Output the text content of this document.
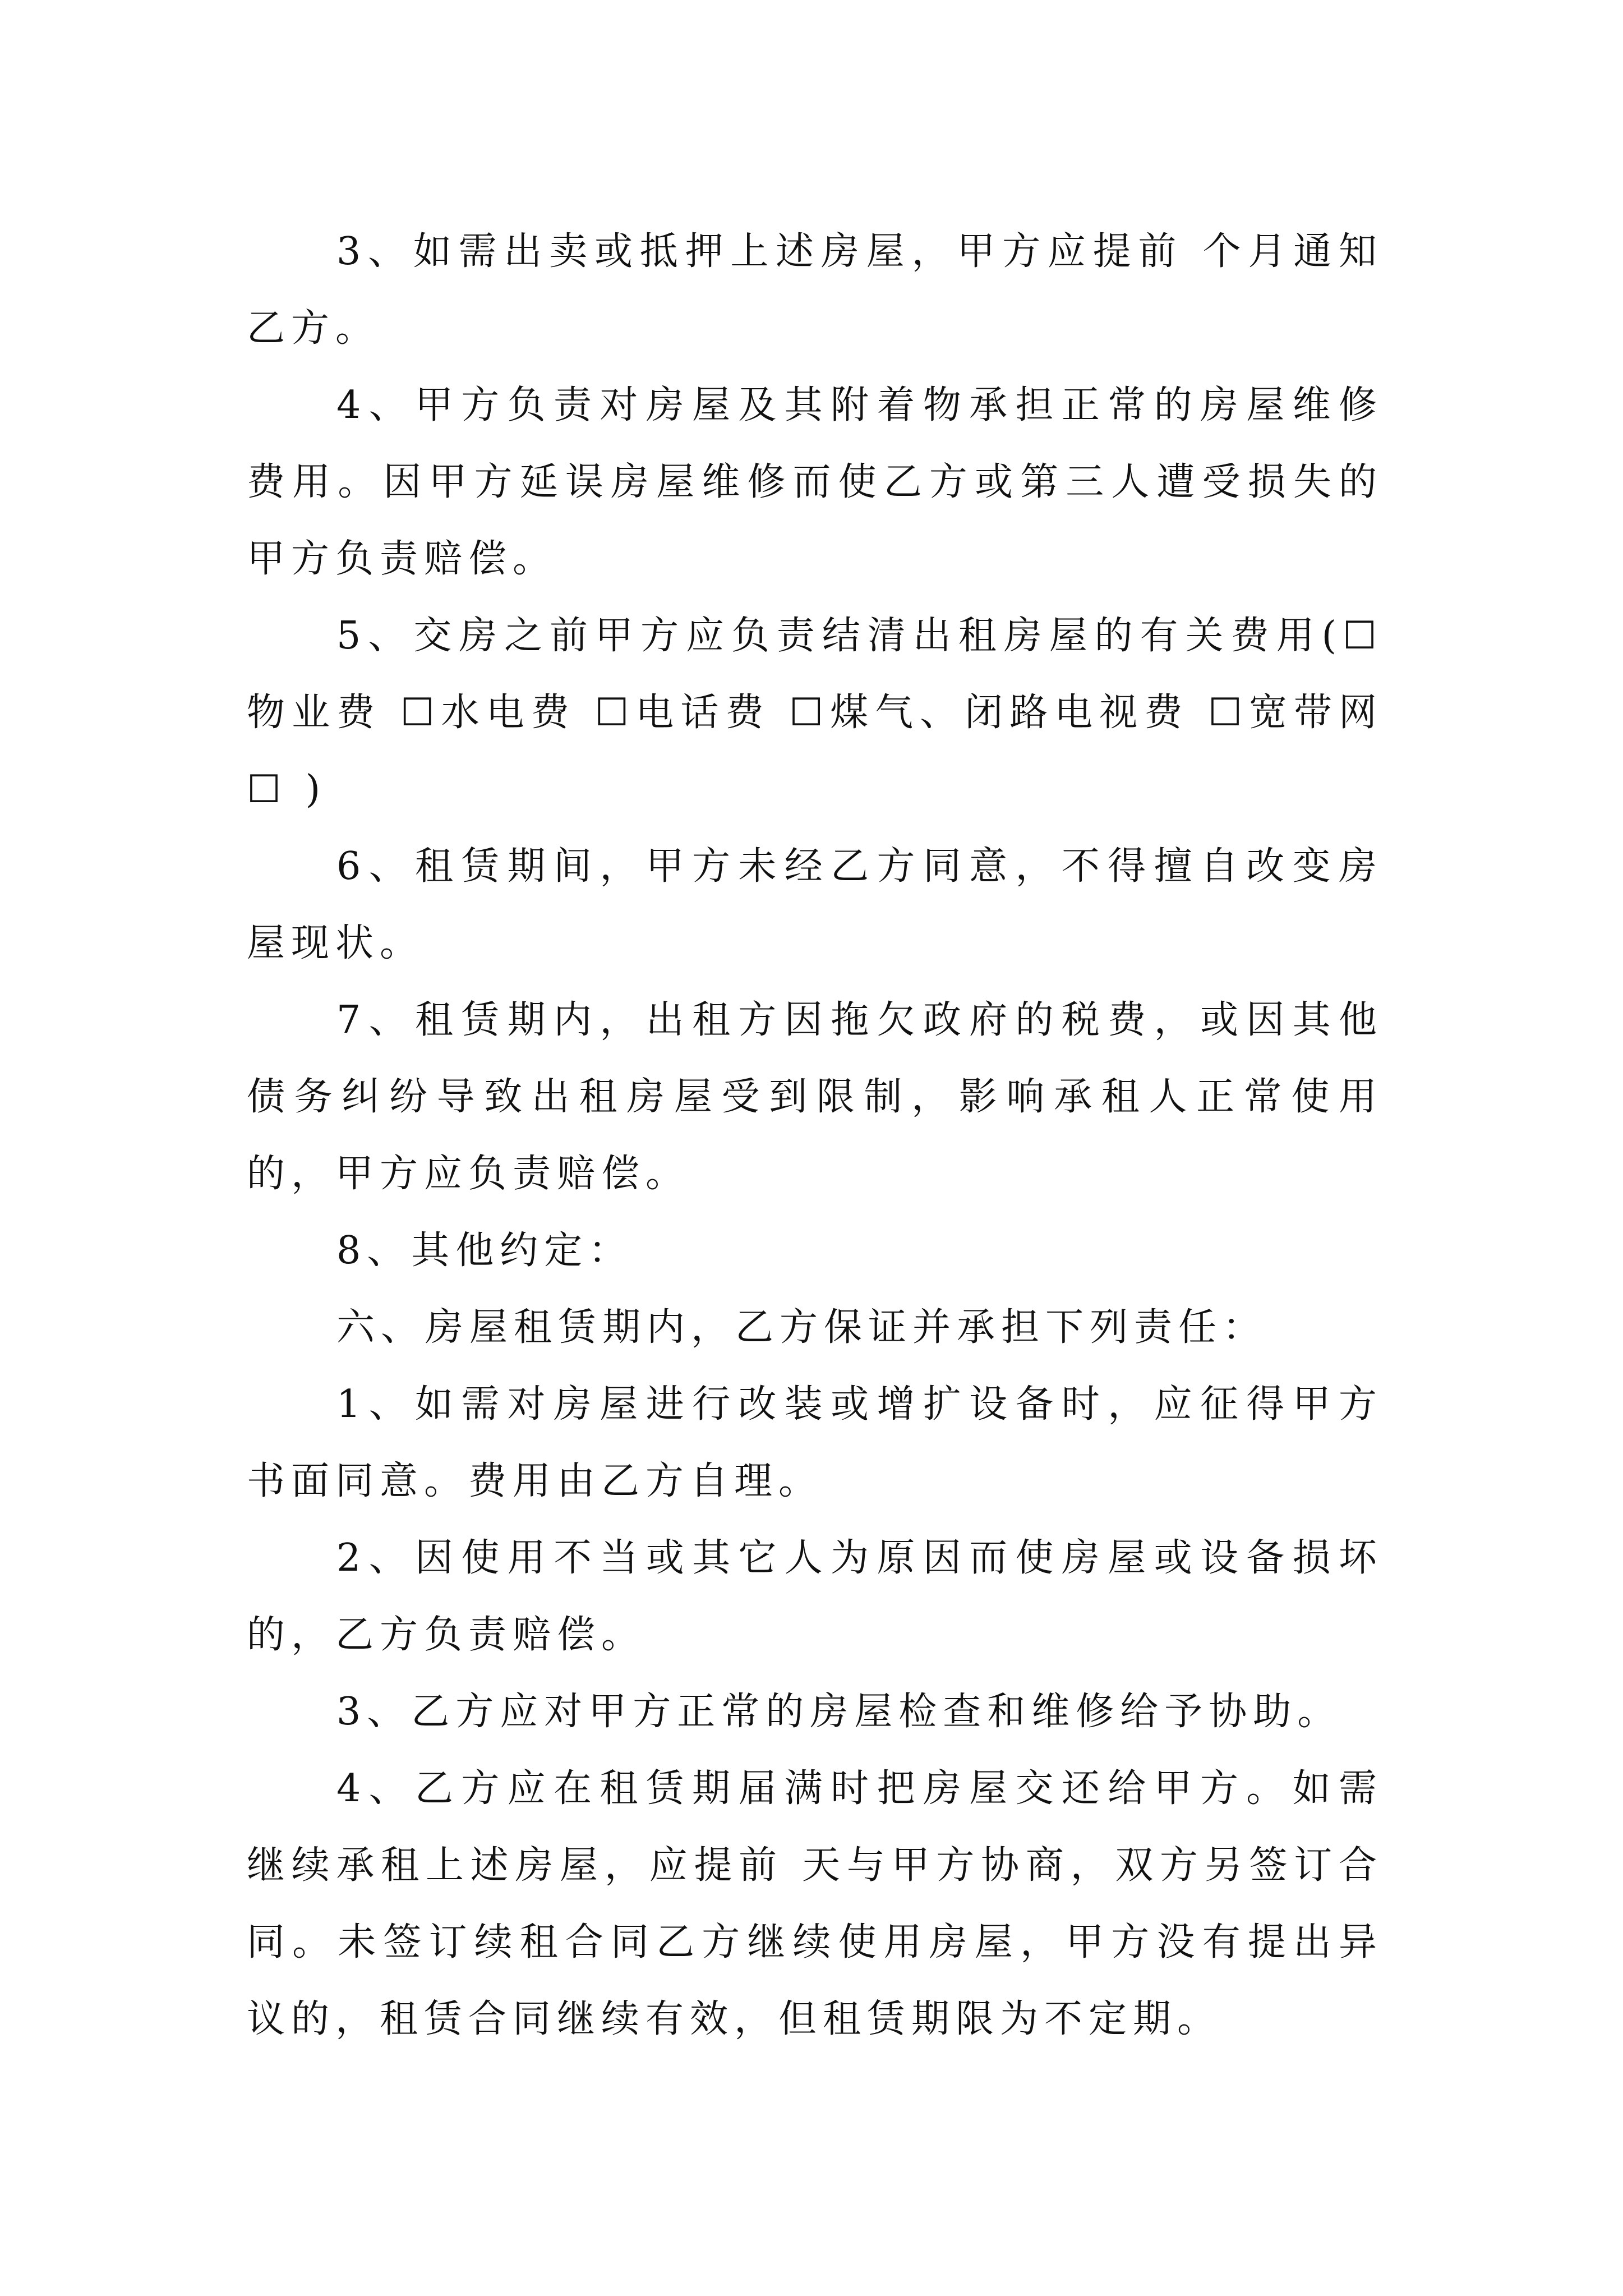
3、如需出卖或抵押上述房屋，甲方应提前 个月通知乙方。

4、甲方负责对房屋及其附着物承担正常的房屋维修费用。因甲方延误房屋维修而使乙方或第三人遭受损失的甲方负责赔偿。

5、交房之前甲方应负责结清出租房屋的有关费用(☐物业费 ☐水电费 ☐电话费 ☐煤气、闭路电视费 ☐宽带网 ☐ )

6、租赁期间，甲方未经乙方同意，不得擅自改变房屋现状。

7、租赁期内，出租方因拖欠政府的税费，或因其他债务纠纷导致出租房屋受到限制，影响承租人正常使用的，甲方应负责赔偿。

8、其他约定：

六、房屋租赁期内，乙方保证并承担下列责任：

1、如需对房屋进行改装或增扩设备时，应征得甲方书面同意。费用由乙方自理。

2、因使用不当或其它人为原因而使房屋或设备损坏的，乙方负责赔偿。

3、乙方应对甲方正常的房屋检查和维修给予协助。

4、乙方应在租赁期届满时把房屋交还给甲方。如需继续承租上述房屋，应提前 天与甲方协商，双方另签订合同。未签订续租合同乙方继续使用房屋，甲方没有提出异议的，租赁合同继续有效，但租赁期限为不定期。
